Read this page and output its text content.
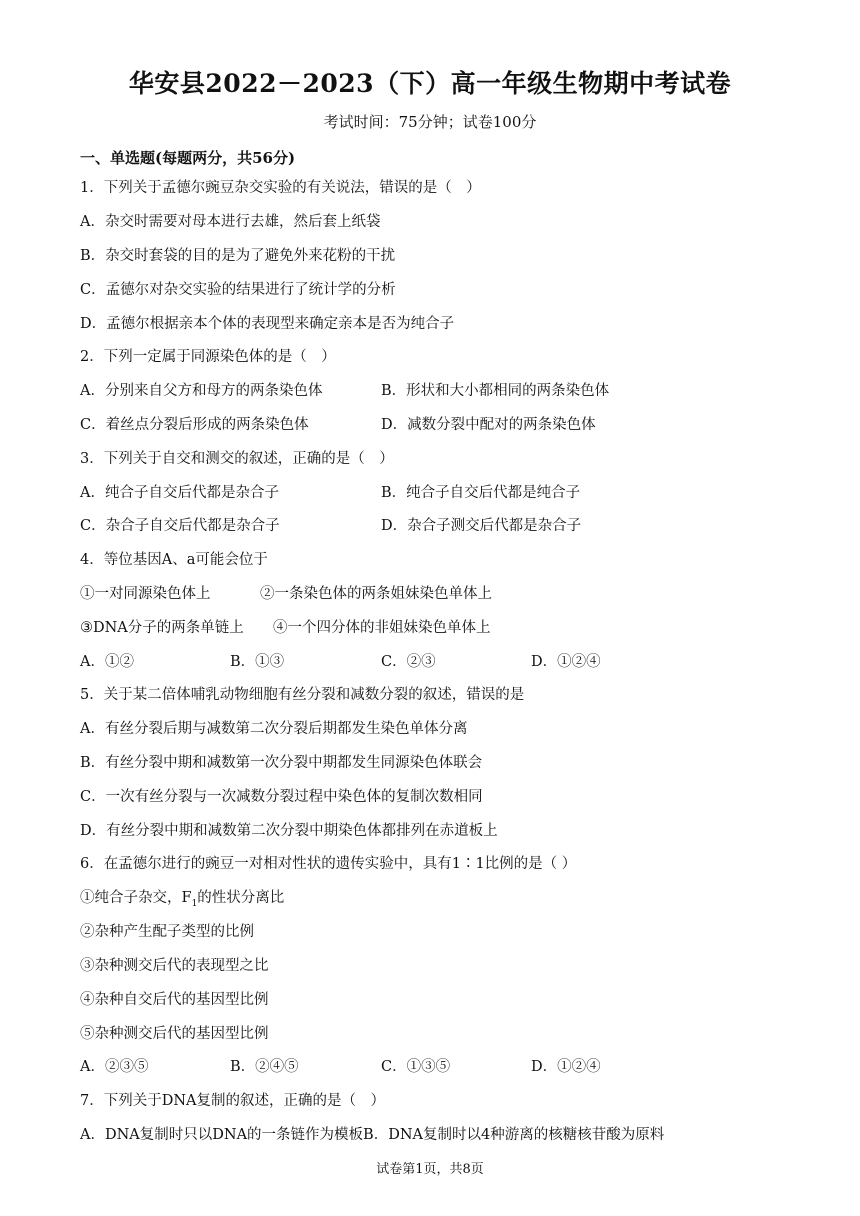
华安县2022－2023（下）高一年级生物期中考试卷
考试时间：75分钟；试卷100分
一、单选题(每题两分，共56分)
1．下列关于孟德尔豌豆杂交实验的有关说法，错误的是（　）
A．杂交时需要对母本进行去雄，然后套上纸袋
B．杂交时套袋的目的是为了避免外来花粉的干扰
C．孟德尔对杂交实验的结果进行了统计学的分析
D．孟德尔根据亲本个体的表现型来确定亲本是否为纯合子
2．下列一定属于同源染色体的是（　）
A．分别来自父方和母方的两条染色体	B．形状和大小都相同的两条染色体
C．着丝点分裂后形成的两条染色体	D．减数分裂中配对的两条染色体
3．下列关于自交和测交的叙述，正确的是（　）
A．纯合子自交后代都是杂合子	B．纯合子自交后代都是纯合子
C．杂合子自交后代都是杂合子	D．杂合子测交后代都是杂合子
4．等位基因A、a可能会位于
①一对同源染色体上	②一条染色体的两条姐妹染色单体上
③DNA分子的两条单链上 ④一个四分体的非姐妹染色单体上
A．①②	B．①③	C．②③	D．①②④
5．关于某二倍体哺乳动物细胞有丝分裂和减数分裂的叙述，错误的是
A．有丝分裂后期与减数第二次分裂后期都发生染色单体分离
B．有丝分裂中期和减数第一次分裂中期都发生同源染色体联会
C．一次有丝分裂与一次减数分裂过程中染色体的复制次数相同
D．有丝分裂中期和减数第二次分裂中期染色体都排列在赤道板上
6．在孟德尔进行的豌豆一对相对性状的遗传实验中，具有1∶1比例的是（ ）
①纯合子杂交，$F_1$的性状分离比
②杂种产生配子类型的比例
③杂种测交后代的表现型之比
④杂种自交后代的基因型比例
⑤杂种测交后代的基因型比例
A．②③⑤	B．②④⑤	C．①③⑤	D．①②④
7．下列关于DNA复制的叙述，正确的是（　）
A．DNA复制时只以DNA的一条链作为模板B．DNA复制时以4种游离的核糖核苷酸为原料
试卷第1页，共8页
